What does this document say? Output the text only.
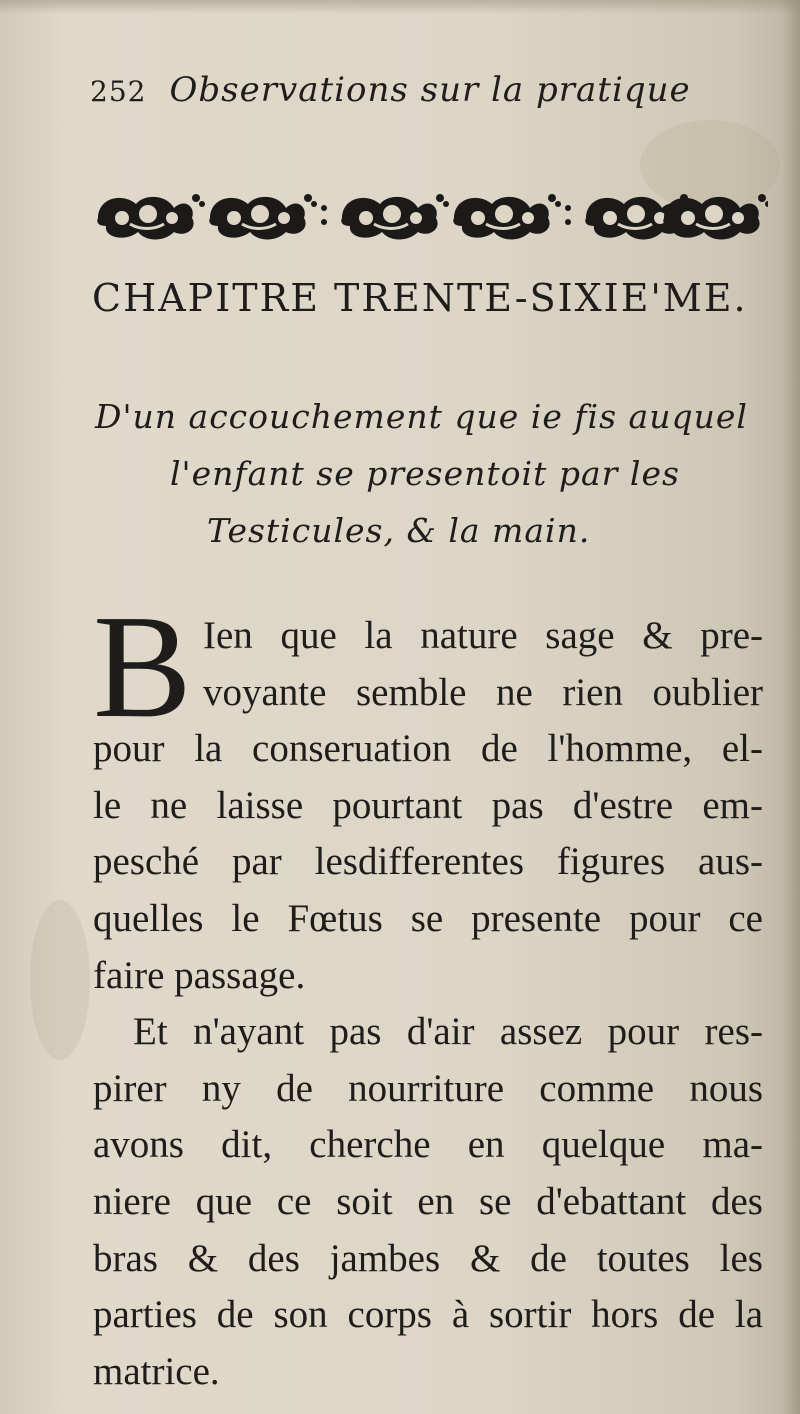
252 Observations sur la pratique
CHAPITRE TRENTE-SIXIE'ME.
D'un accouchement que ie fis auquel
l'enfant se presentoit par les
Testicules, & la main.
B Ien que la nature sage & pre-
voyante semble ne rien oublier
pour la conseruation de l'homme, el-
le ne laisse pourtant pas d'estre em-
pesché par lesdifferentes figures aus-
quelles le Fœtus se presente pour ce
faire passage.
Et n'ayant pas d'air assez pour res-
pirer ny de nourriture comme nous
avons dit, cherche en quelque ma-
niere que ce soit en se d'ebattant des
bras & des jambes & de toutes les
parties de son corps à sortir hors de la
matrice.
